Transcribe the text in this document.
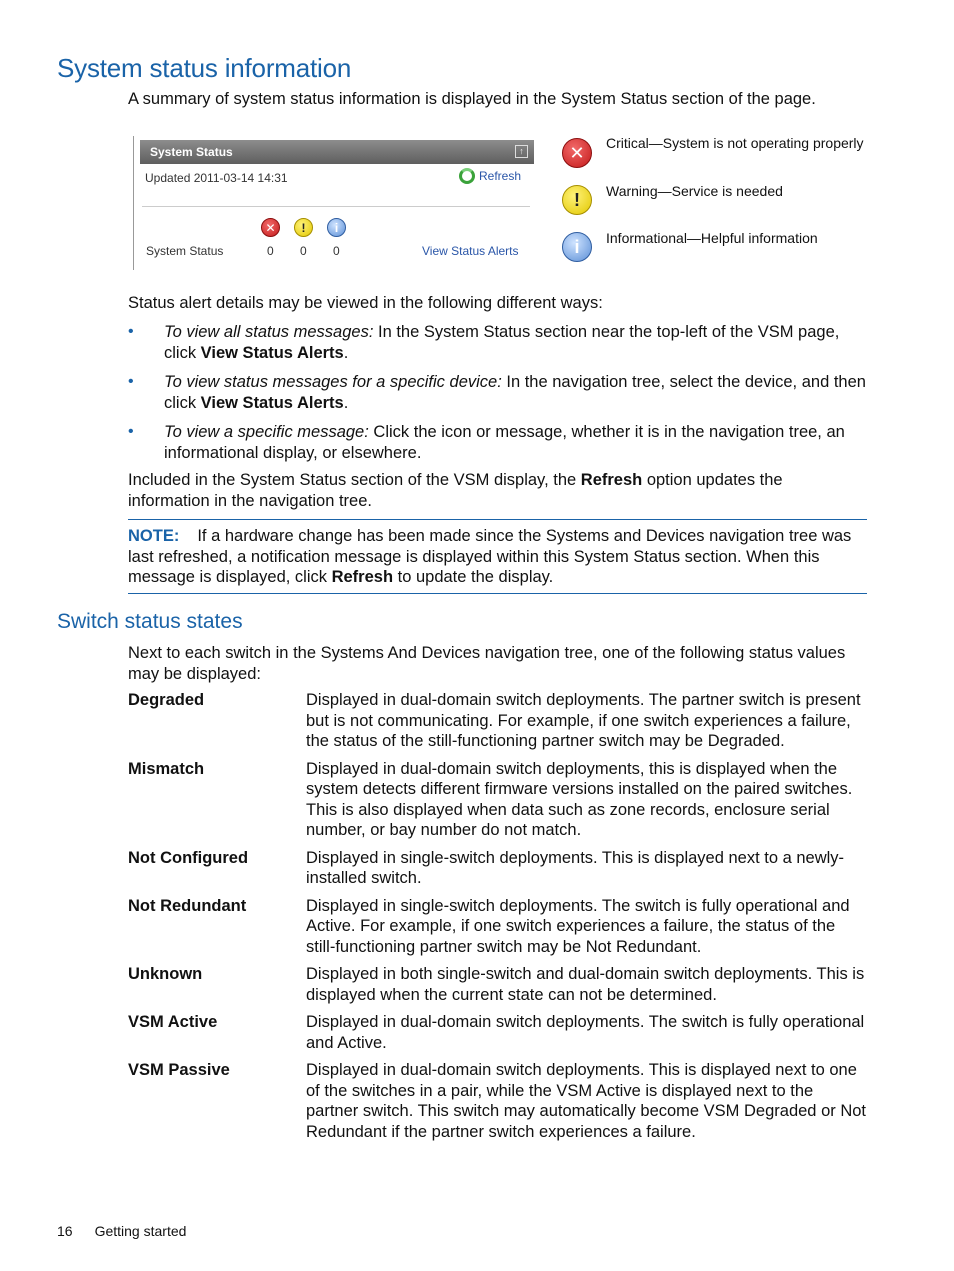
System status information
A summary of system status information is displayed in the System Status section of the page.
System Status	↑
Updated 2011-03-14 14:31	Refresh
✕	!	i
System Status	0 0 0	View Status Alerts
✕	Critical—System is not operating properly
!	Warning—Service is needed
i	Informational—Helpful information
Status alert details may be viewed in the following different ways:
• To view all status messages: In the System Status section near the top-left of the VSM page, click View Status Alerts.
• To view status messages for a specific device: In the navigation tree, select the device, and then click View Status Alerts.
• To view a specific message: Click the icon or message, whether it is in the navigation tree, an informational display, or elsewhere.
Included in the System Status section of the VSM display, the Refresh option updates the information in the navigation tree.
NOTE: If a hardware change has been made since the Systems and Devices navigation tree was last refreshed, a notification message is displayed within this System Status section. When this message is displayed, click Refresh to update the display.
Switch status states
Next to each switch in the Systems And Devices navigation tree, one of the following status values may be displayed:
Degraded	Displayed in dual-domain switch deployments. The partner switch is present but is not communicating. For example, if one switch experiences a failure, the status of the still-functioning partner switch may be Degraded.
Mismatch	Displayed in dual-domain switch deployments, this is displayed when the system detects different firmware versions installed on the paired switches. This is also displayed when data such as zone records, enclosure serial number, or bay number do not match.
Not Configured	Displayed in single-switch deployments. This is displayed next to a newly-installed switch.
Not Redundant	Displayed in single-switch deployments. The switch is fully operational and Active. For example, if one switch experiences a failure, the status of the still-functioning partner switch may be Not Redundant.
Unknown	Displayed in both single-switch and dual-domain switch deployments. This is displayed when the current state can not be determined.
VSM Active	Displayed in dual-domain switch deployments. The switch is fully operational and Active.
VSM Passive	Displayed in dual-domain switch deployments. This is displayed next to one of the switches in a pair, while the VSM Active is displayed next to the partner switch. This switch may automatically become VSM Degraded or Not Redundant if the partner switch experiences a failure.
16 Getting started
